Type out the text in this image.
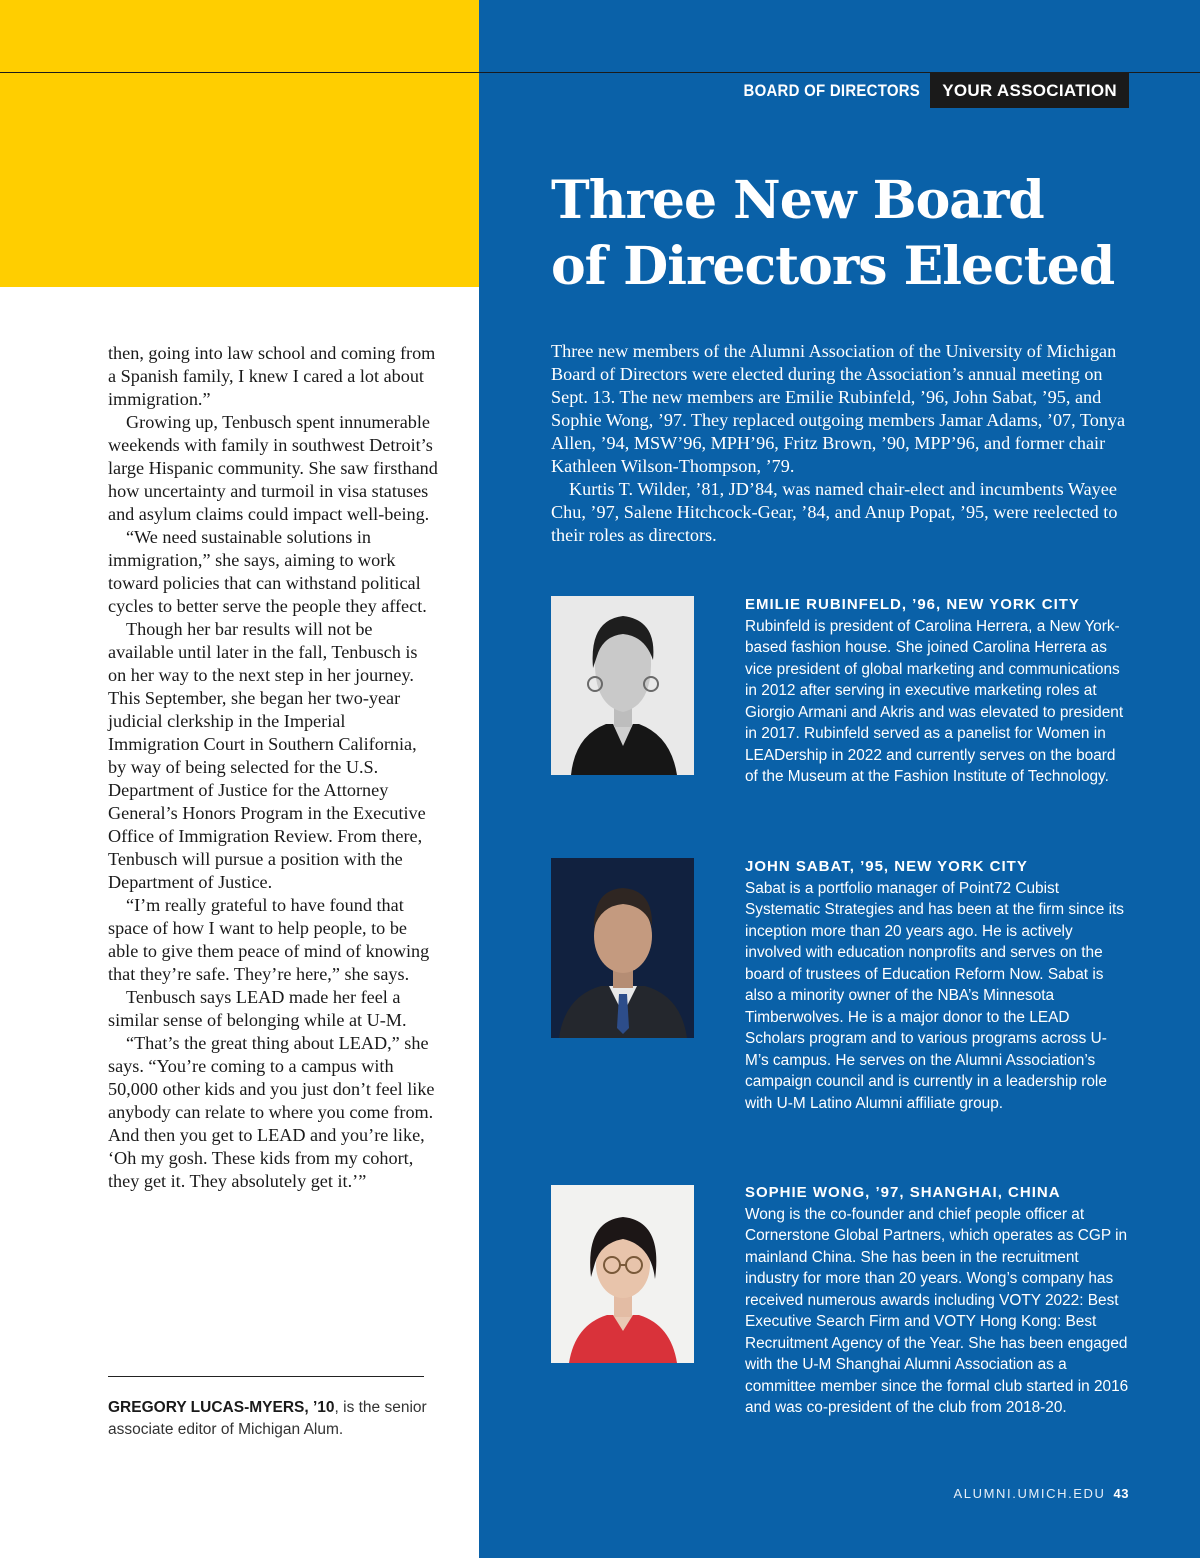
BOARD OF DIRECTORS	YOUR ASSOCIATION
Three New Board
of Directors Elected

Three new members of the Alumni Association of the University of Michigan Board of Directors were elected during the Association’s annual meeting on Sept. 13. The new members are Emilie Rubinfeld, ’96, John Sabat, ’95, and Sophie Wong, ’97. They replaced outgoing members Jamar Adams, ’07, Tonya Allen, ’94, MSW’96, MPH’96, Fritz Brown, ’90, MPP’96, and former chair Kathleen Wilson-Thompson, ’79.

Kurtis T. Wilder, ’81, JD’84, was named chair-elect and incumbents Wayee Chu, ’97, Salene Hitchcock-Gear, ’84, and Anup Popat, ’95, were reelected to their roles as directors.

then, going into law school and coming from a Spanish family, I knew I cared a lot about immigration.”

Growing up, Tenbusch spent innumerable weekends with family in southwest Detroit’s large Hispanic community. She saw firsthand how uncertainty and turmoil in visa statuses and asylum claims could impact well-being.

“We need sustainable solutions in immigration,” she says, aiming to work toward policies that can withstand political cycles to better serve the people they affect.

Though her bar results will not be available until later in the fall, Tenbusch is on her way to the next step in her journey. This September, she began her two-year judicial clerkship in the Imperial Immigration Court in Southern California, by way of being selected for the U.S. Department of Justice for the Attorney General’s Honors Program in the Executive Office of Immigration Review. From there, Tenbusch will pursue a position with the Department of Justice.

“I’m really grateful to have found that space of how I want to help people, to be able to give them peace of mind of knowing that they’re safe. They’re here,” she says.

Tenbusch says LEAD made her feel a similar sense of belonging while at U-M.

“That’s the great thing about LEAD,” she says. “You’re coming to a campus with 50,000 other kids and you just don’t feel like anybody can relate to where you come from. And then you get to LEAD and you’re like, ‘Oh my gosh. These kids from my cohort, they get it. They absolutely get it.’”

GREGORY LUCAS-MYERS, ’10, is the senior associate editor of Michigan Alum.
EMILIE RUBINFELD, ’96, NEW YORK CITY

Rubinfeld is president of Carolina Herrera, a New York-based fashion house. She joined Carolina Herrera as vice president of global marketing and communications in 2012 after serving in executive marketing roles at Giorgio Armani and Akris and was elevated to president in 2017. Rubinfeld served as a panelist for Women in LEADership in 2022 and currently serves on the board of the Museum at the Fashion Institute of Technology.

JOHN SABAT, ’95, NEW YORK CITY

Sabat is a portfolio manager of Point72 Cubist Systematic Strategies and has been at the firm since its inception more than 20 years ago. He is actively involved with education nonprofits and serves on the board of trustees of Education Reform Now. Sabat is also a minority owner of the NBA’s Minnesota Timberwolves. He is a major donor to the LEAD Scholars program and to various programs across U-M’s campus. He serves on the Alumni Association’s campaign council and is currently in a leadership role with U-M Latino Alumni affiliate group.

SOPHIE WONG, ’97, SHANGHAI, CHINA

Wong is the co-founder and chief people officer at Cornerstone Global Partners, which operates as CGP in mainland China. She has been in the recruitment industry for more than 20 years. Wong’s company has received numerous awards including VOTY 2022: Best Executive Search Firm and VOTY Hong Kong: Best Recruitment Agency of the Year. She has been engaged with the U-M Shanghai Alumni Association as a committee member since the formal club started in 2016 and was co-president of the club from 2018-20.

ALUMNI.UMICH.EDU 43
